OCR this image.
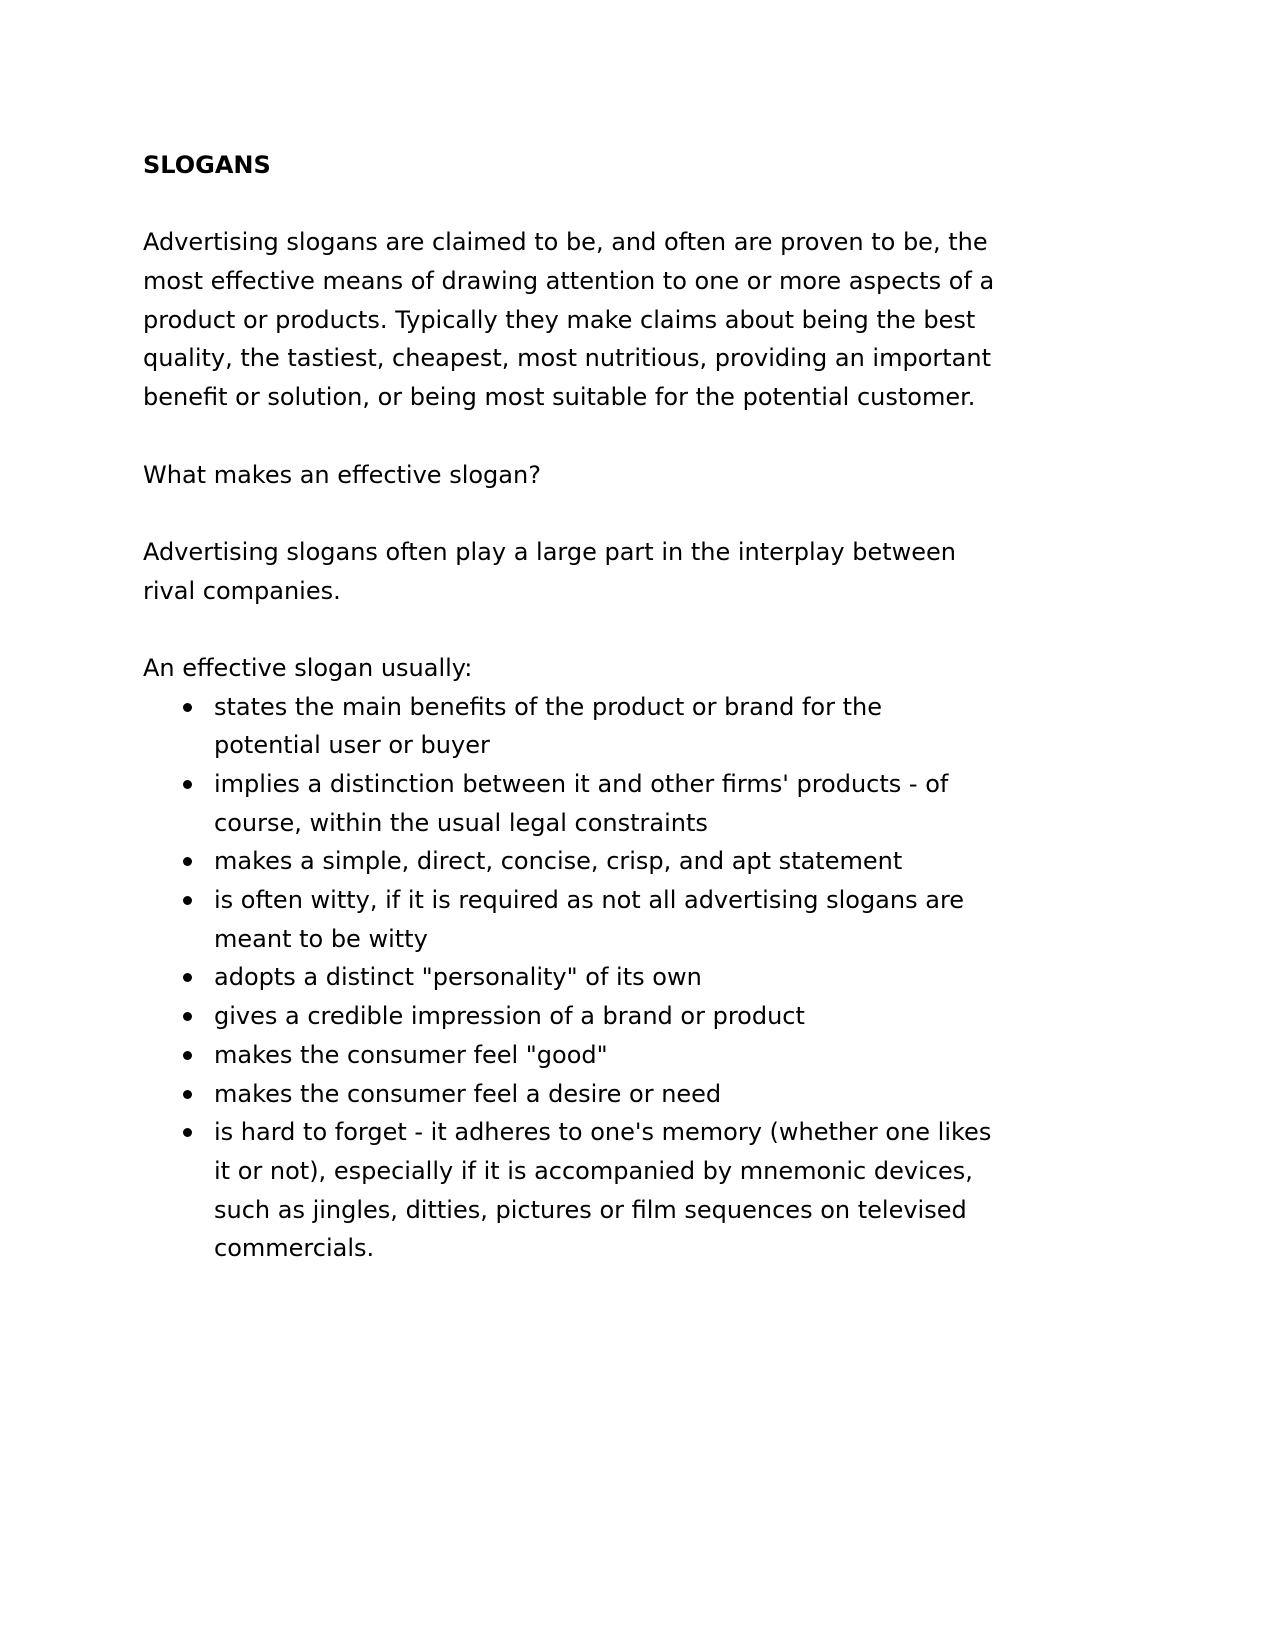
SLOGANS
Advertising slogans are claimed to be, and often are proven to be, the
most effective means of drawing attention to one or more aspects of a
product or products. Typically they make claims about being the best
quality, the tastiest, cheapest, most nutritious, providing an important
benefit or solution, or being most suitable for the potential customer.
What makes an effective slogan?
Advertising slogans often play a large part in the interplay between
rival companies.
An effective slogan usually:
states the main benefits of the product or brand for the
potential user or buyer
implies a distinction between it and other firms' products - of
course, within the usual legal constraints
makes a simple, direct, concise, crisp, and apt statement
is often witty, if it is required as not all advertising slogans are
meant to be witty
adopts a distinct "personality" of its own
gives a credible impression of a brand or product
makes the consumer feel "good"
makes the consumer feel a desire or need
is hard to forget - it adheres to one's memory (whether one likes
it or not), especially if it is accompanied by mnemonic devices,
such as jingles, ditties, pictures or film sequences on televised
commercials.
